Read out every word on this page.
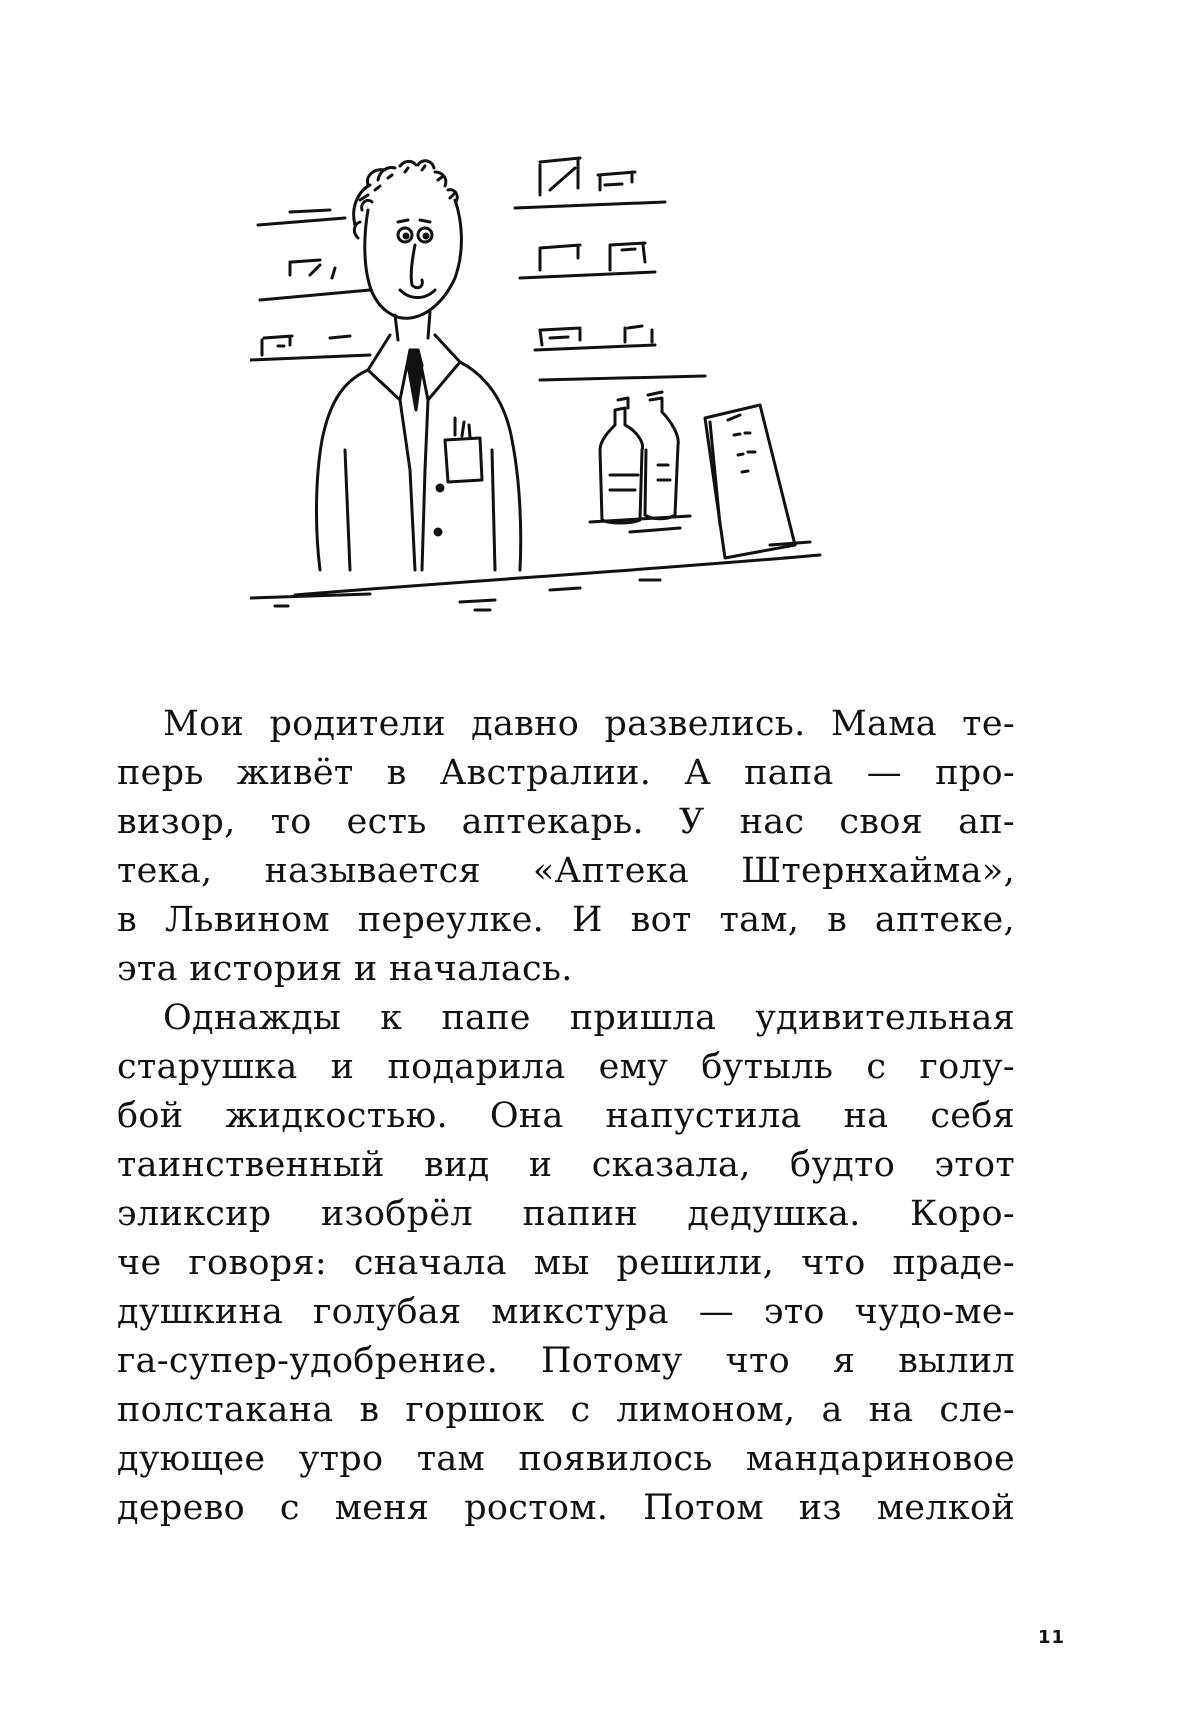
Мои родители давно развелись. Мама те-
перь живёт в Австралии. А папа — про-
визор, то есть аптекарь. У нас своя ап-
тека, называется «Аптека Штернхайма»,
в Львином переулке. И вот там, в аптеке,
эта история и началась.

Однажды к папе пришла удивительная
старушка и подарила ему бутыль с голу-
бой жидкостью. Она напустила на себя
таинственный вид и сказала, будто этот
эликсир изобрёл папин дедушка. Коро-
че говоря: сначала мы решили, что праде-
душкина голубая микстура — это чудо-ме-
га-супер-удобрение. Потому что я вылил
полстакана в горшок с лимоном, а на сле-
дующее утро там появилось мандариновое
дерево с меня ростом. Потом из мелкой

11
